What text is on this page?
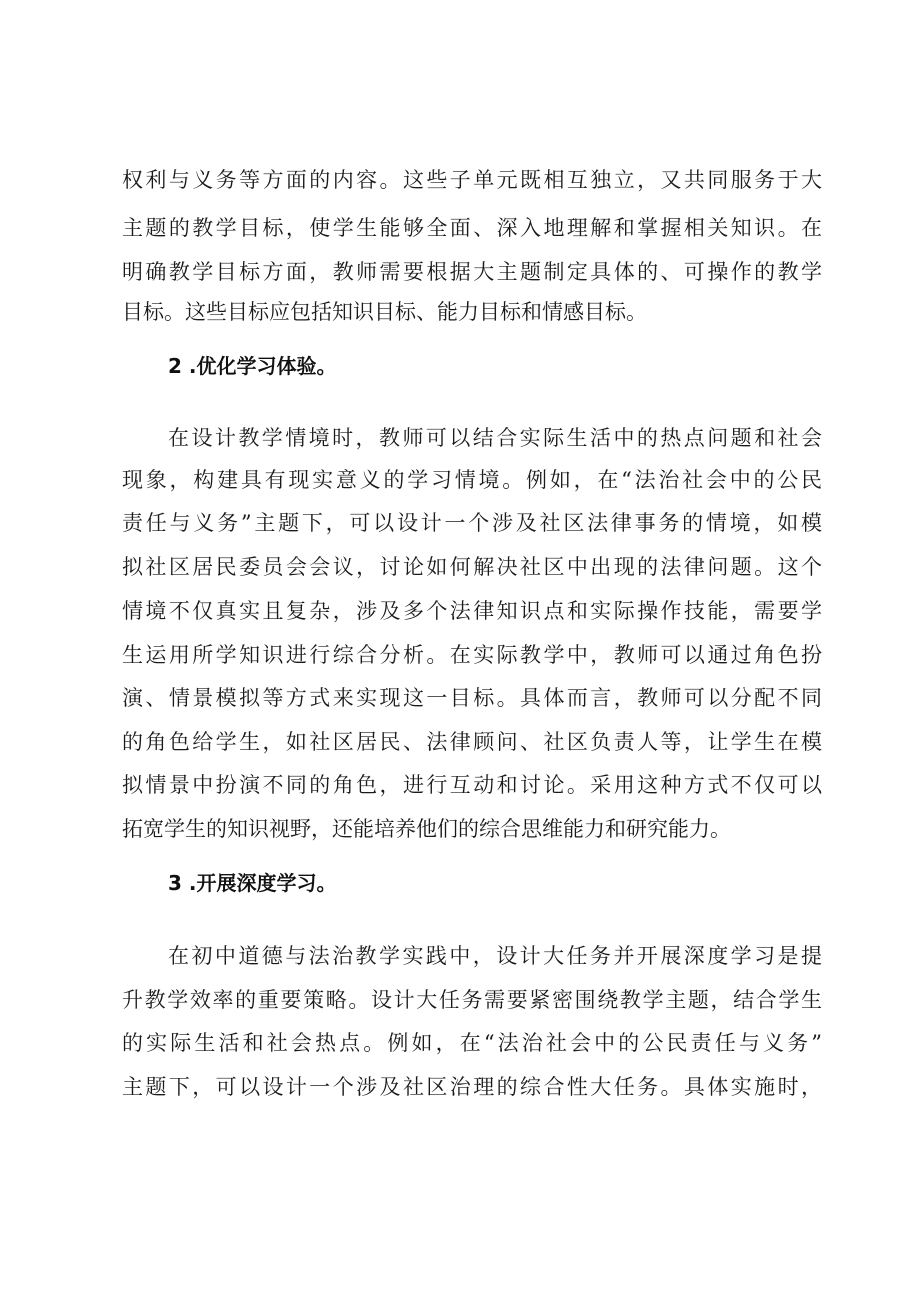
权利与义务等方面的内容。这些子单元既相互独立，又共同服务于大
主题的教学目标，使学生能够全面、深入地理解和掌握相关知识。在
明确教学目标方面，教师需要根据大主题制定具体的、可操作的教学
目标。这些目标应包括知识目标、能力目标和情感目标。
2 .优化学习体验。
在设计教学情境时，教师可以结合实际生活中的热点问题和社会
现象，构建具有现实意义的学习情境。例如，在“法治社会中的公民
责任与义务”主题下，可以设计一个涉及社区法律事务的情境，如模
拟社区居民委员会会议，讨论如何解决社区中出现的法律问题。这个
情境不仅真实且复杂，涉及多个法律知识点和实际操作技能，需要学
生运用所学知识进行综合分析。在实际教学中，教师可以通过角色扮
演、情景模拟等方式来实现这一目标。具体而言，教师可以分配不同
的角色给学生，如社区居民、法律顾问、社区负责人等，让学生在模
拟情景中扮演不同的角色，进行互动和讨论。采用这种方式不仅可以
拓宽学生的知识视野，还能培养他们的综合思维能力和研究能力。
3 .开展深度学习。
在初中道德与法治教学实践中，设计大任务并开展深度学习是提
升教学效率的重要策略。设计大任务需要紧密围绕教学主题，结合学生
的实际生活和社会热点。例如，在“法治社会中的公民责任与义务”
主题下，可以设计一个涉及社区治理的综合性大任务。具体实施时，
